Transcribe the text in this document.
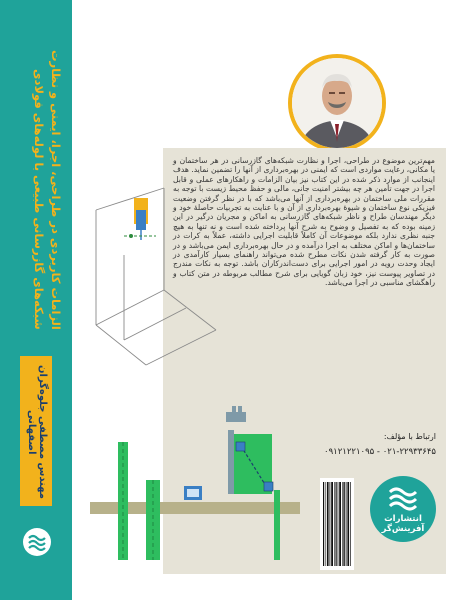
الزامات کاربردی در طراحی، اجرا، ایمنی و نظارت شبکه‌های گازرسانی طبیعی با لوله‌های فولادی
مهندس مصطفی جلوه‌گران اصفهانی

مهم‌ترین موضوع در طراحی، اجرا و نظارت شبکه‌های گازرسانی در هر ساختمان و یا مکانی، رعایت مواردی است که ایمنی در بهره‌برداری از آنها را تضمین نماید. هدف اینجانب از موارد ذکر شده در این کتاب نیز بیان الزامات و راهکارهای عملی و قابل اجرا در جهت تأمین هر چه بیشتر امنیت جانی، مالی و حفظ محیط زیست با توجه به مقررات ملی ساختمان در بهره‌برداری از آنها می‌باشد که با در نظر گرفتن وضعیت فیزیکی نوع ساختمان و شیوهٔ بهره‌برداری از آن و با عنایت به تجربیات حاصلهٔ خود و دیگر مهندسان طراح و ناظر شبکه‌های گازرسانی به اماکن و مجریان درگیر در این زمینه بوده که به تفصیل و وضوح به شرح آنها پرداخته شده است و نه تنها به هیچ جنبه نظری ندارد بلکه موضوعات آن کاملاً قابلیت اجرایی داشته، عملاً به کرات در ساختمان‌ها و اماکن مختلف به اجرا درآمده و در حال بهره‌برداری ایمن می‌باشد و در صورت به کار گرفته شدن نکات مطرح شده می‌تواند راهنمای بسیار کارآمدی در ایجاد وحدت رویه در امور اجرایی برای دست‌اندرکاران باشد. توجه به نکات مندرج در تصاویر پیوست نیز، خود زبان گویایی برای شرح مطالب مربوطه در متن کتاب و راهگشای مناسبی در اجرا می‌باشد.

ارتباط با مؤلف:
۰۹۱۲۱۲۲۱۰۹۵ - ۰۲۱-۲۲۹۳۳۶۴۵
انتشارات
آفرینش‌گر
